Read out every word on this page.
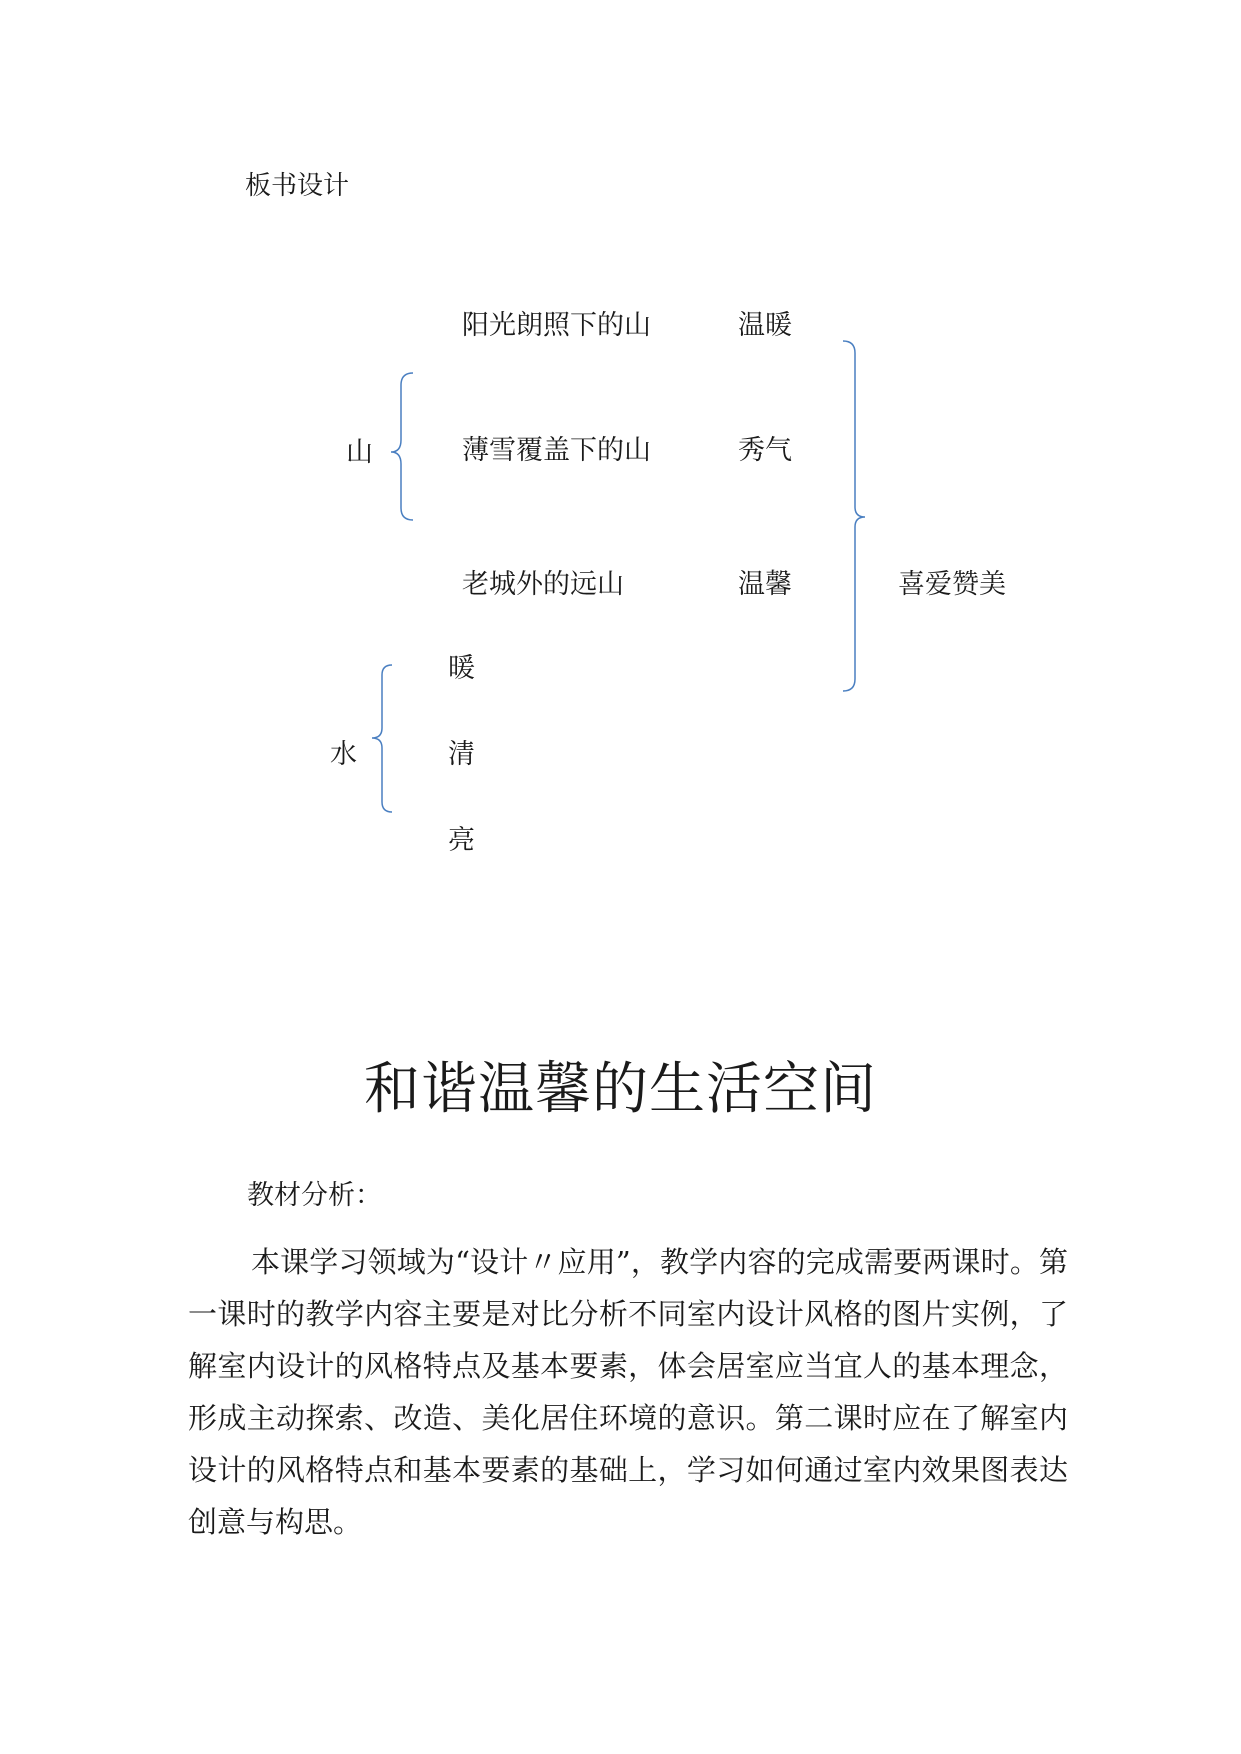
板书设计
山
阳光朗照下的山	温暖
薄雪覆盖下的山	秀气
老城外的远山	温馨	喜爱赞美
水
暖
清
亮
和谐温馨的生活空间
教材分析：

本课学习领域为“设计〃应用”，教学内容的完成需要两课时。第一课时的教学内容主要是对比分析不同室内设计风格的图片实例，了解室内设计的风格特点及基本要素，体会居室应当宜人的基本理念，形成主动探索、改造、美化居住环境的意识。第二课时应在了解室内设计的风格特点和基本要素的基础上，学习如何通过室内效果图表达创意与构思。
